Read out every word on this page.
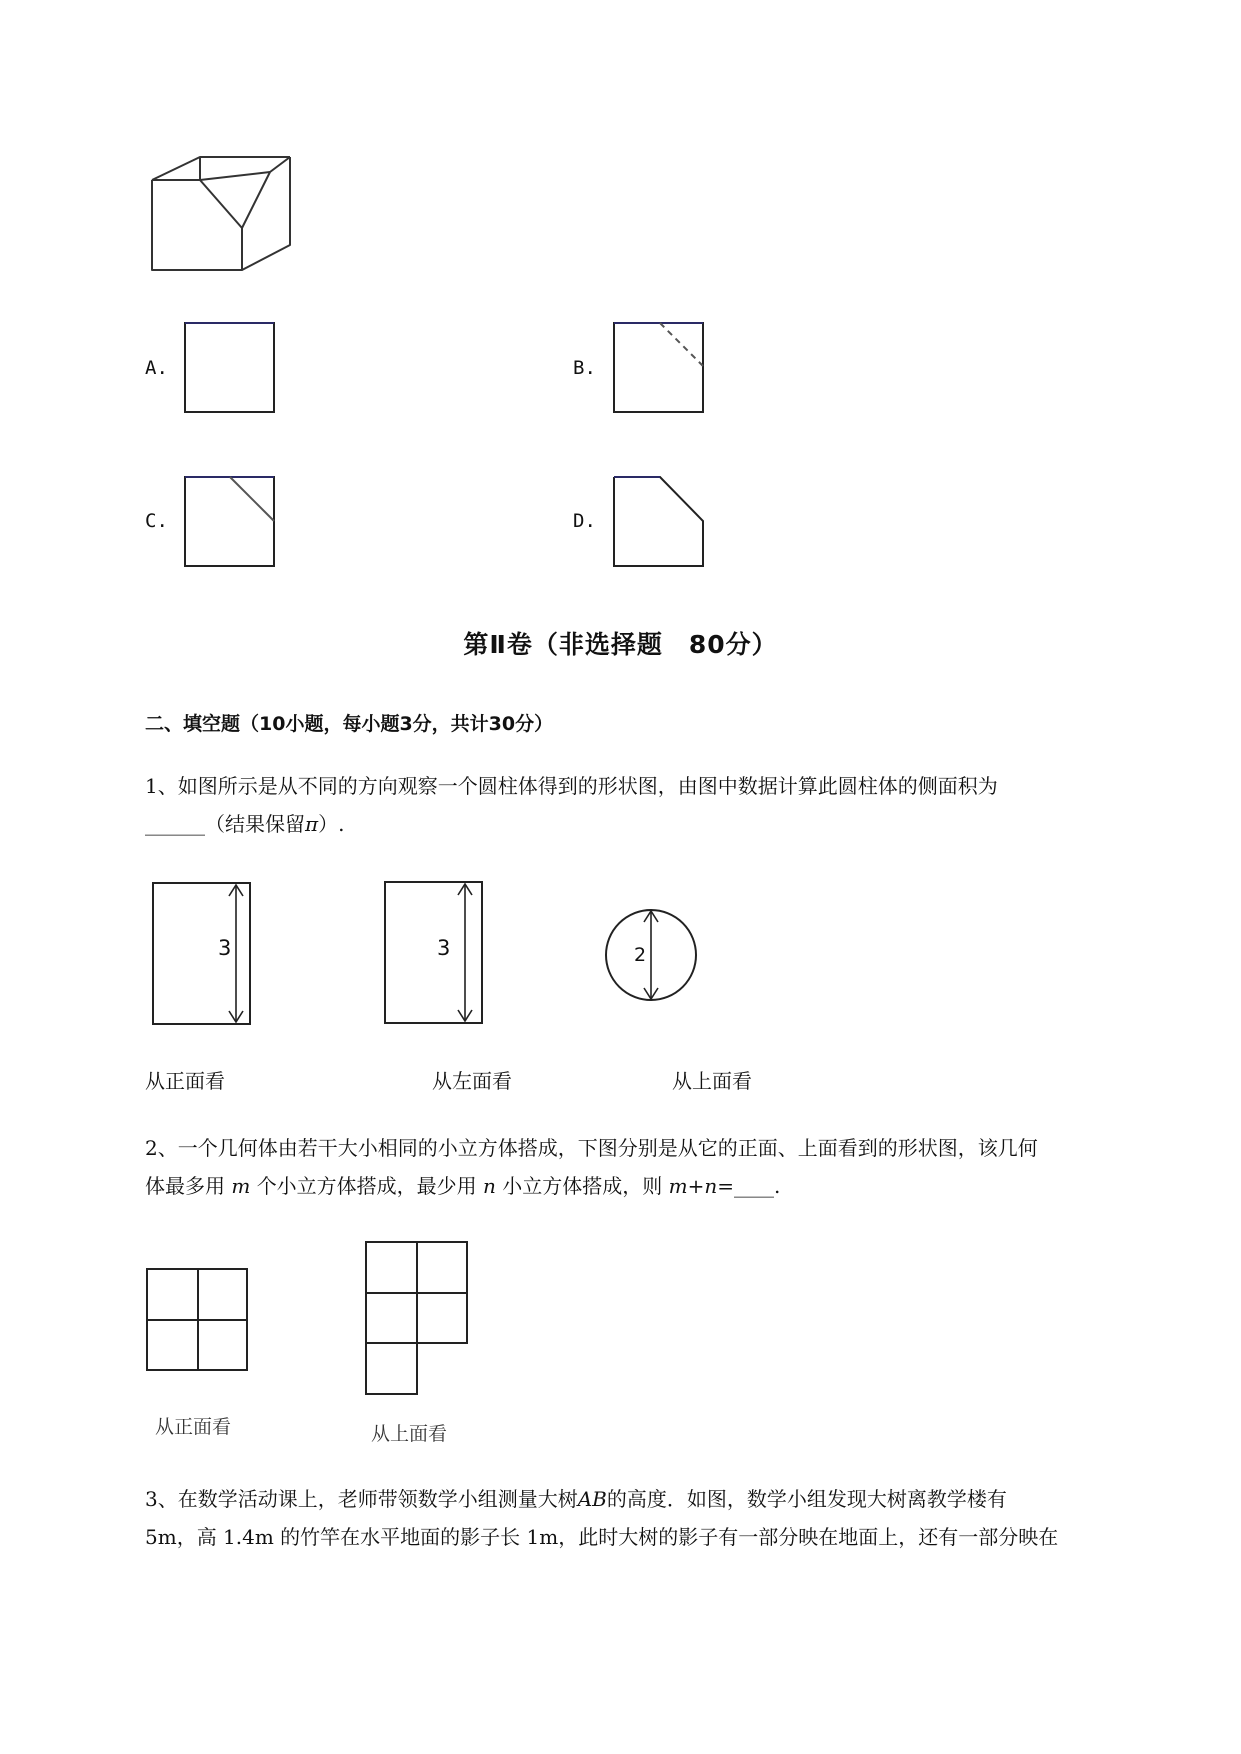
A.	B.
C.	D.
第Ⅱ卷（非选择题　80分）
二、填空题（10小题，每小题3分，共计30分）
1、如图所示是从不同的方向观察一个圆柱体得到的形状图，由图中数据计算此圆柱体的侧面积为
______（结果保留π）.
3	3	2
从正面看	从左面看	从上面看
2、一个几何体由若干大小相同的小立方体搭成，下图分别是从它的正面、上面看到的形状图，该几何
体最多用 m 个小立方体搭成，最少用 n 小立方体搭成，则 m+n=____.
从正面看	从上面看
3、在数学活动课上，老师带领数学小组测量大树AB的高度．如图，数学小组发现大树离教学楼有
5m，高 1.4m 的竹竿在水平地面的影子长 1m，此时大树的影子有一部分映在地面上，还有一部分映在
